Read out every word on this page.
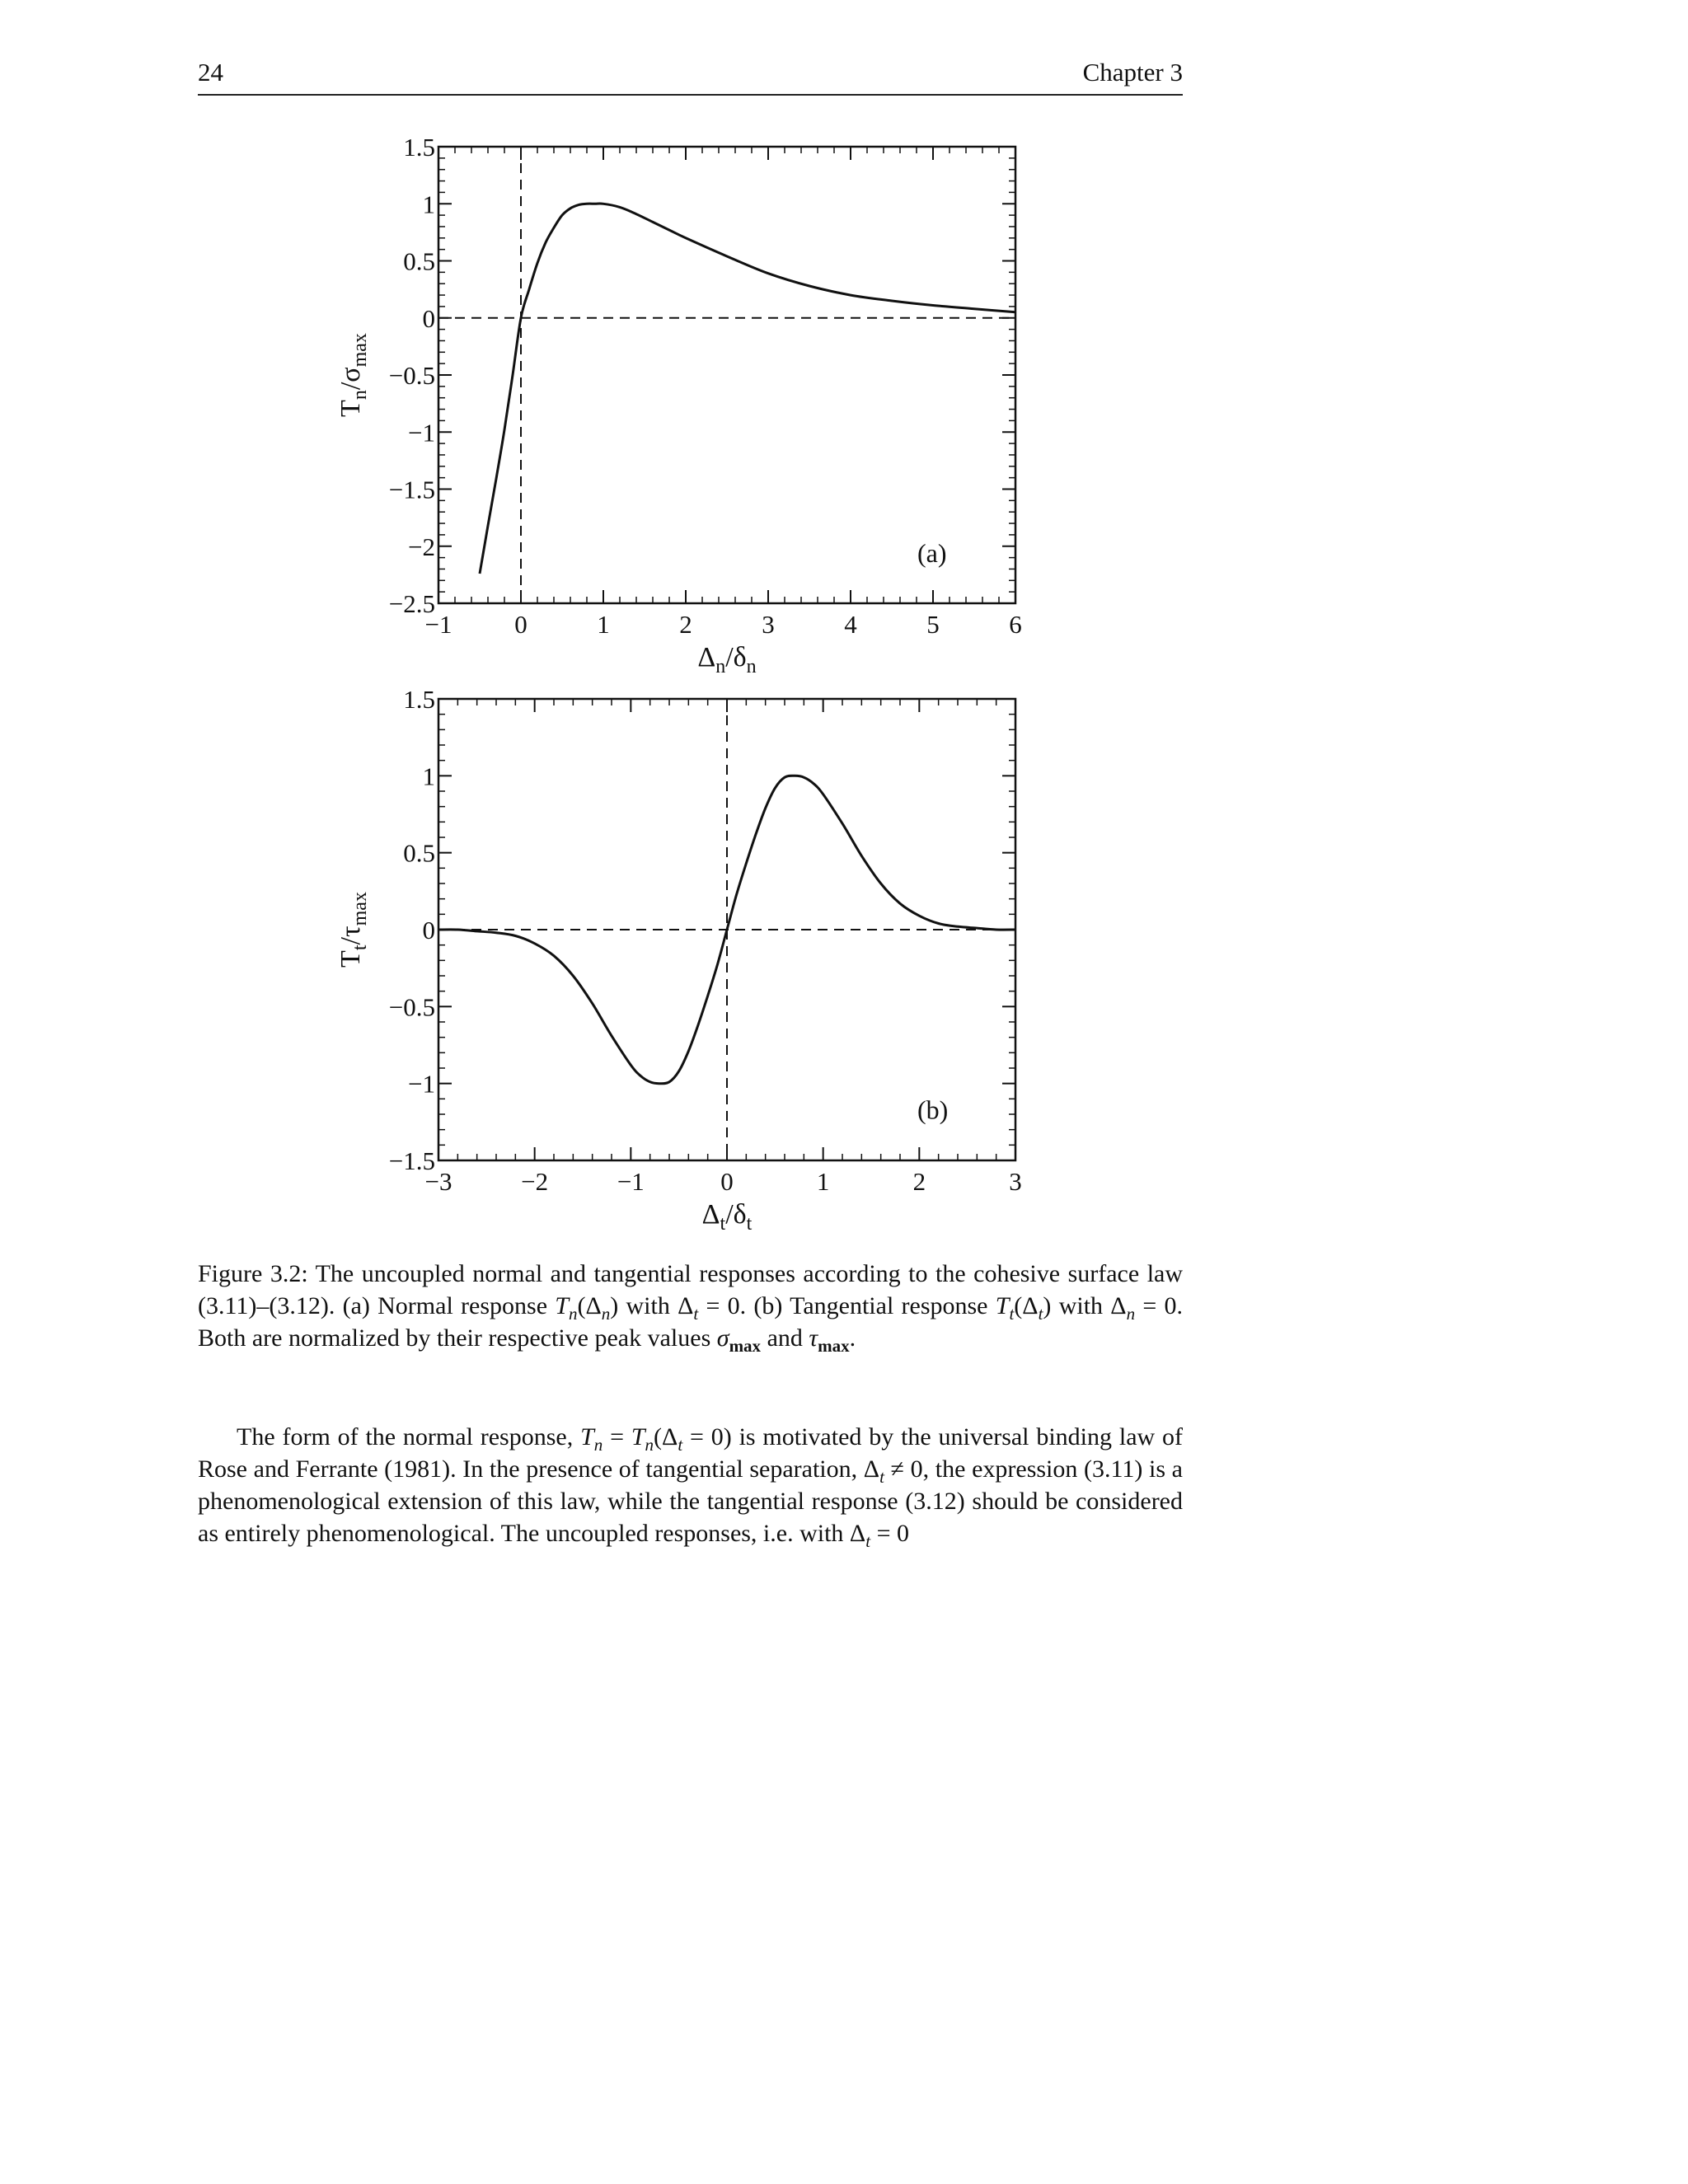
24	Chapter 3
−1 0	1	2	3	4	5	6
1.5
1
0.5
0
−0.5
−1
−1.5
−2
−2.5
(a)
$\Delta_n/\delta_n$
$T_n/\sigma_{max}$
−3	−2	−1	0	1	2	3
1.5
1
0.5
0
−0.5
−1
−1.5
(b)
$\Delta_t/\delta_t$
$T_t/\tau_{max}$
Figure 3.2: The uncoupled normal and tangential responses according to the cohesive surface law (3.11)–(3.12). (a) Normal response $T_n(\Delta_n)$ with $\Delta_t = 0$. (b) Tangential response $T_t(\Delta_t)$ with $\Delta_n = 0$. Both are normalized by their respective peak values $\sigma_{max}$ and $\tau_{max}$.
The form of the normal response, $T_n = T_n(\Delta_t = 0)$ is motivated by the universal binding law of Rose and Ferrante (1981). In the presence of tangential separation, $\Delta_t \ne 0$, the expression (3.11) is a phenomenological extension of this law, while the tangential response (3.12) should be considered as entirely phenomenological. The uncoupled responses, i.e. with $\Delta_t = 0$
